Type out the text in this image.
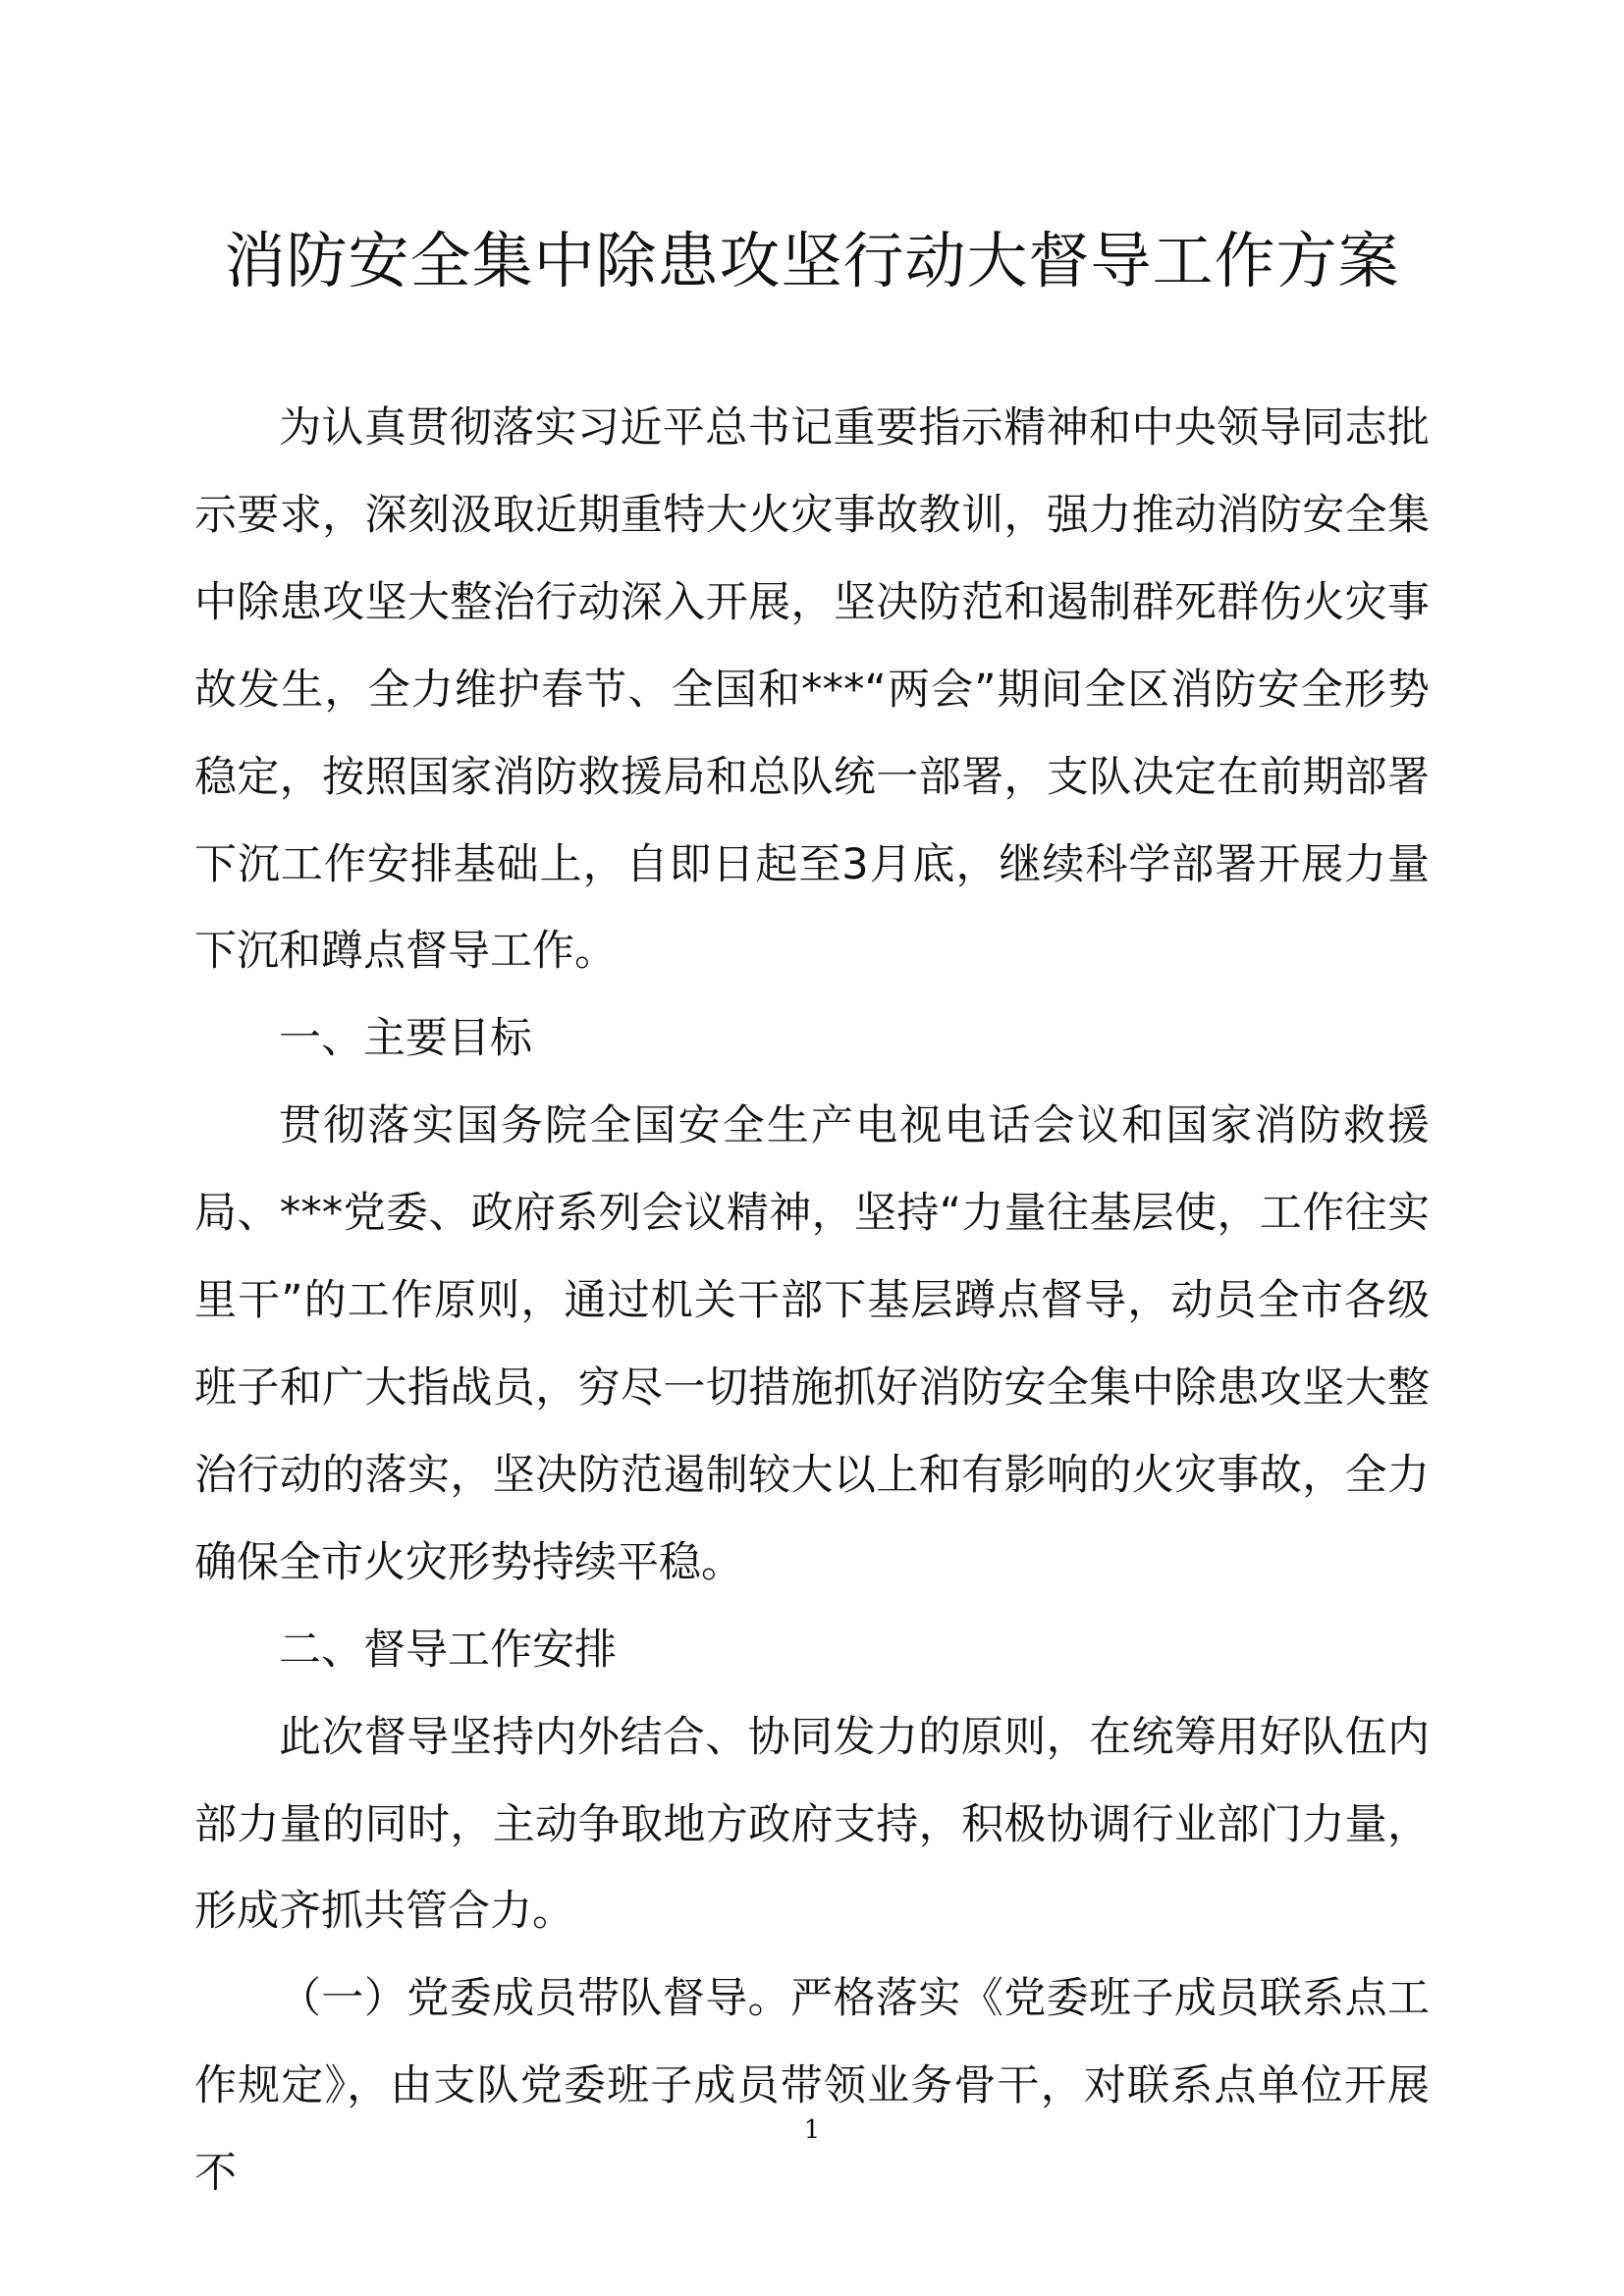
消防安全集中除患攻坚行动大督导工作方案

为认真贯彻落实习近平总书记重要指示精神和中央领导同志批示要求，深刻汲取近期重特大火灾事故教训，强力推动消防安全集中除患攻坚大整治行动深入开展，坚决防范和遏制群死群伤火灾事故发生，全力维护春节、全国和***“两会”期间全区消防安全形势稳定，按照国家消防救援局和总队统一部署，支队决定在前期部署下沉工作安排基础上，自即日起至3月底，继续科学部署开展力量下沉和蹲点督导工作。

一、主要目标

贯彻落实国务院全国安全生产电视电话会议和国家消防救援局、***党委、政府系列会议精神，坚持“力量往基层使，工作往实里干”的工作原则，通过机关干部下基层蹲点督导，动员全市各级班子和广大指战员，穷尽一切措施抓好消防安全集中除患攻坚大整治行动的落实，坚决防范遏制较大以上和有影响的火灾事故，全力确保全市火灾形势持续平稳。

二、督导工作安排

此次督导坚持内外结合、协同发力的原则，在统筹用好队伍内部力量的同时，主动争取地方政府支持，积极协调行业部门力量，形成齐抓共管合力。

（一）党委成员带队督导。严格落实《党委班子成员联系点工作规定》，由支队党委班子成员带领业务骨干，对联系点单位开展不

1
